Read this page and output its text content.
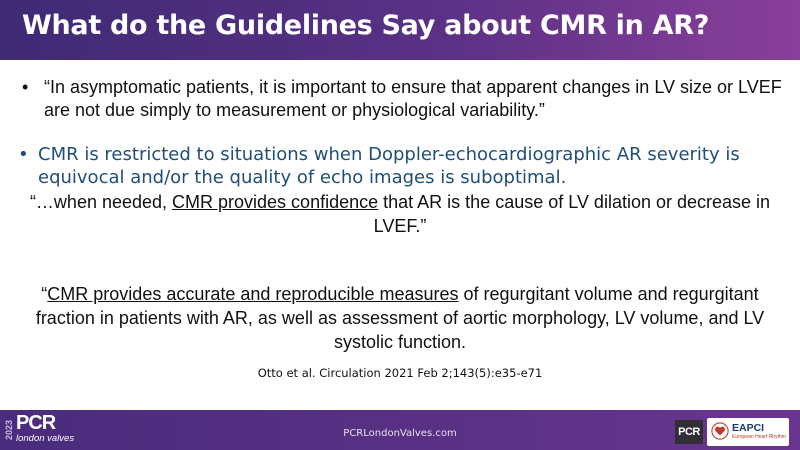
What do the Guidelines Say about CMR in AR?
• “In asymptomatic patients, it is important to ensure that apparent changes in LV size or LVEF are not due simply to measurement or physiological variability.”
• CMR is restricted to situations when Doppler-echocardiographic AR severity is equivocal and/or the quality of echo images is suboptimal.
“…when needed, CMR provides confidence that AR is the cause of LV dilation or decrease in LVEF.”
“CMR provides accurate and reproducible measures of regurgitant volume and regurgitant fraction in patients with AR, as well as assessment of aortic morphology, LV volume, and LV systolic function.
Otto et al. Circulation 2021 Feb 2;143(5):e35-e71
2023 PCR
london valves	PCRLondonValves.com	PCR	EAPCI
European Heart Rhythm
